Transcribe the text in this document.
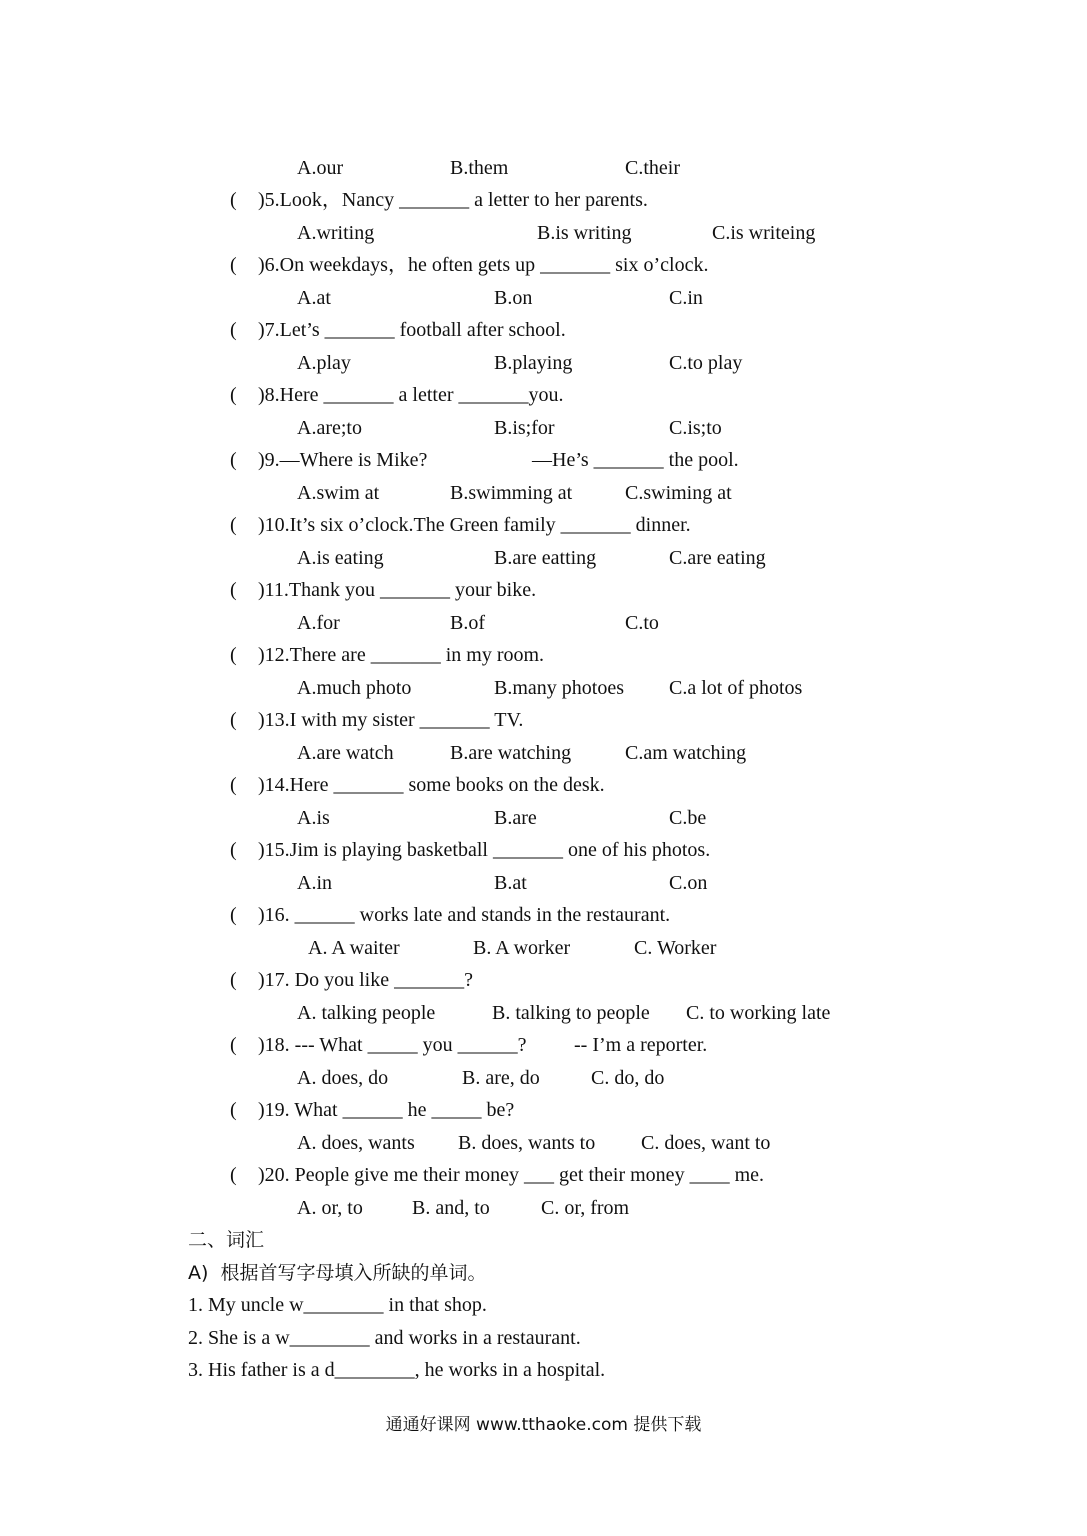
A.our	B.them	C.their
( )5.Look，Nancy _______ a letter to her parents.
A.writing	B.is writing	C.is writeing
( )6.On weekdays，he often gets up _______ six o’clock.
A.at	B.on	C.in
( )7.Let’s _______ football after school.
A.play	B.playing	C.to play
( )8.Here _______ a letter _______you.
A.are;to	B.is;for	C.is;to
( )9.—Where is Mike?	—He’s _______ the pool.
A.swim at	B.swimming at	C.swiming at
( )10.It’s six o’clock.The Green family _______ dinner.
A.is eating	B.are eatting	C.are eating
( )11.Thank you _______ your bike.
A.for	B.of	C.to
( )12.There are _______ in my room.
A.much photo	B.many photoes C.a lot of photos
( )13.I with my sister _______ TV.
A.are watch	B.are watching	C.am watching
( )14.Here _______ some books on the desk.
A.is	B.are	C.be
( )15.Jim is playing basketball _______ one of his photos.
A.in	B.at	C.on
( )16. ______ works late and stands in the restaurant.
A. A waiter	B. A worker	C. Worker
( )17. Do you like _______?
A. talking people	B. talking to people C. to working late
( )18. --- What _____ you ______? -- I’m a reporter.
A. does, do	B. are, do	C. do, do
( )19. What ______ he _____ be?
A. does, wants B. does, wants to C. does, want to
( )20. People give me their money ___ get their money ____ me.
A. or, to B. and, to	C. or, from
二、词汇
A)  根据首写字母填入所缺的单词。
1. My uncle w________ in that shop.
2. She is a w________ and works in a restaurant.
3. His father is a d________, he works in a hospital.
通通好课网 www.tthaoke.com 提供下载
